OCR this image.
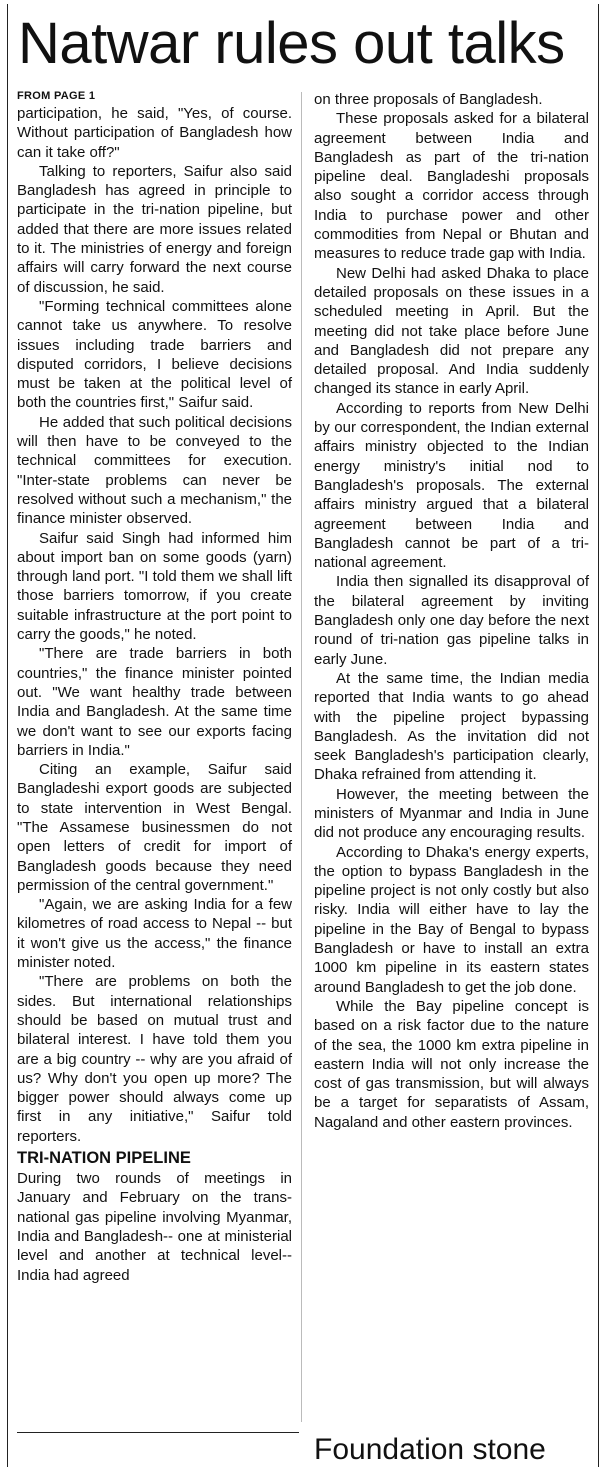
Natwar rules out talks
FROM PAGE 1

participation, he said, "Yes, of course. Without participation of Bangladesh how can it take off?"

Talking to reporters, Saifur also said Bangladesh has agreed in principle to participate in the tri-nation pipeline, but added that there are more issues related to it. The ministries of energy and foreign affairs will carry forward the next course of discussion, he said.

"Forming technical committees alone cannot take us anywhere. To resolve issues including trade barriers and disputed corridors, I believe decisions must be taken at the political level of both the countries first," Saifur said.

He added that such political decisions will then have to be conveyed to the technical committees for execution. "Inter-state problems can never be resolved without such a mechanism," the finance minister observed.

Saifur said Singh had informed him about import ban on some goods (yarn) through land port. "I told them we shall lift those barriers tomorrow, if you create suitable infrastructure at the port point to carry the goods," he noted.

"There are trade barriers in both countries," the finance minister pointed out. "We want healthy trade between India and Bangladesh. At the same time we don't want to see our exports facing barriers in India."

Citing an example, Saifur said Bangladeshi export goods are subjected to state intervention in West Bengal. "The Assamese businessmen do not open letters of credit for import of Bangladesh goods because they need permission of the central government."

"Again, we are asking India for a few kilometres of road access to Nepal -- but it won't give us the access," the finance minister noted.

"There are problems on both the sides. But international relationships should be based on mutual trust and bilateral interest. I have told them you are a big country -- why are you afraid of us? Why don't you open up more? The bigger power should always come up first in any initiative," Saifur told reporters.

TRI-NATION PIPELINE

During two rounds of meetings in January and February on the trans-national gas pipeline involving Myanmar, India and Bangladesh-- one at ministerial level and another at technical level-- India had agreed

on three proposals of Bangladesh.

These proposals asked for a bilateral agreement between India and Bangladesh as part of the tri-nation pipeline deal. Bangladeshi proposals also sought a corridor access through India to purchase power and other commodities from Nepal or Bhutan and measures to reduce trade gap with India.

New Delhi had asked Dhaka to place detailed proposals on these issues in a scheduled meeting in April. But the meeting did not take place before June and Bangladesh did not prepare any detailed proposal. And India suddenly changed its stance in early April.

According to reports from New Delhi by our correspondent, the Indian external affairs ministry objected to the Indian energy ministry's initial nod to Bangladesh's proposals. The external affairs ministry argued that a bilateral agreement between India and Bangladesh cannot be part of a tri-national agreement.

India then signalled its disapproval of the bilateral agreement by inviting Bangladesh only one day before the next round of tri-nation gas pipeline talks in early June.

At the same time, the Indian media reported that India wants to go ahead with the pipeline project bypassing Bangladesh. As the invitation did not seek Bangladesh's participation clearly, Dhaka refrained from attending it.

However, the meeting between the ministers of Myanmar and India in June did not produce any encouraging results.

According to Dhaka's energy experts, the option to bypass Bangladesh in the pipeline project is not only costly but also risky. India will either have to lay the pipeline in the Bay of Bengal to bypass Bangladesh or have to install an extra 1000 km pipeline in its eastern states around Bangladesh to get the job done.

While the Bay pipeline concept is based on a risk factor due to the nature of the sea, the 1000 km extra pipeline in eastern India will not only increase the cost of gas transmission, but will always be a target for separatists of Assam, Nagaland and other eastern provinces.

Foundation stone
